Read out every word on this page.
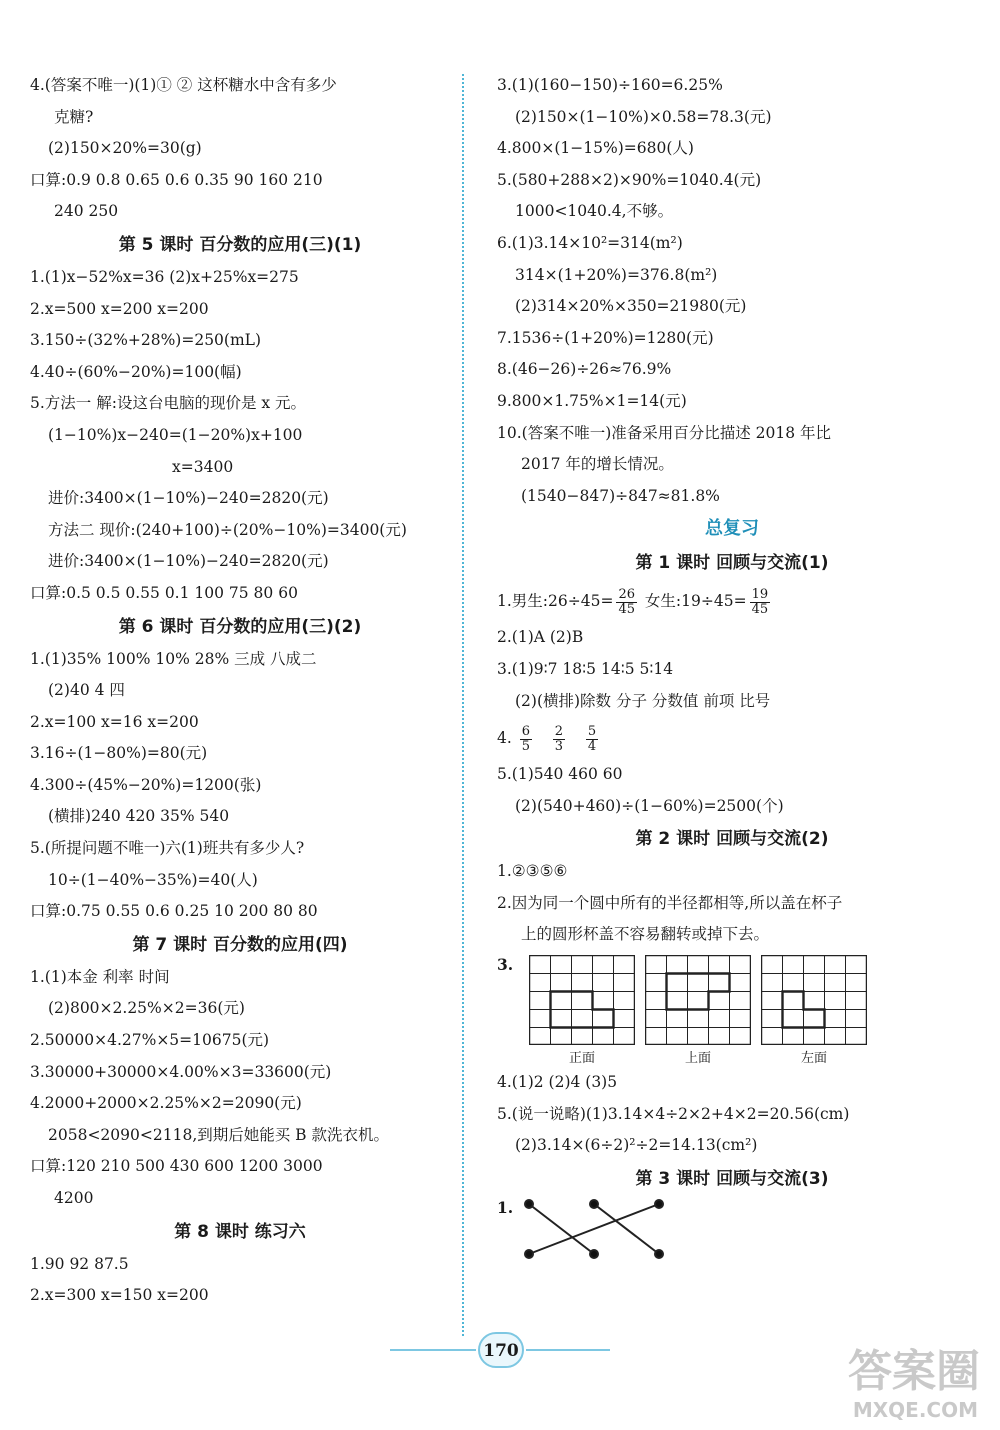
4.(答案不唯一)(1)① ② 这杯糖水中含有多少
克糖?
(2)150×20%=30(g)
口算:0.9 0.8 0.65 0.6 0.35 90 160 210
240 250
第 5 课时 百分数的应用(三)(1)
1.(1)x−52%x=36 (2)x+25%x=275
2.x=500 x=200 x=200
3.150÷(32%+28%)=250(mL)
4.40÷(60%−20%)=100(幅)
5.方法一 解:设这台电脑的现价是 x 元。
(1−10%)x−240=(1−20%)x+100
x=3400
进价:3400×(1−10%)−240=2820(元)
方法二 现价:(240+100)÷(20%−10%)=3400(元)
进价:3400×(1−10%)−240=2820(元)
口算:0.5 0.5 0.55 0.1 100 75 80 60
第 6 课时 百分数的应用(三)(2)
1.(1)35% 100% 10% 28% 三成 八成二
(2)40 4 四
2.x=100 x=16 x=200
3.16÷(1−80%)=80(元)
4.300÷(45%−20%)=1200(张)
(横排)240 420 35% 540
5.(所提问题不唯一)六(1)班共有多少人?
10÷(1−40%−35%)=40(人)
口算:0.75 0.55 0.6 0.25 10 200 80 80
第 7 课时 百分数的应用(四)
1.(1)本金 利率 时间
(2)800×2.25%×2=36(元)
2.50000×4.27%×5=10675(元)
3.30000+30000×4.00%×3=33600(元)
4.2000+2000×2.25%×2=2090(元)
2058<2090<2118,到期后她能买 B 款洗衣机。
口算:120 210 500 430 600 1200 3000
4200
第 8 课时 练习六
1.90 92 87.5
2.x=300 x=150 x=200
3.(1)(160−150)÷160=6.25%
(2)150×(1−10%)×0.58=78.3(元)
4.800×(1−15%)=680(人)
5.(580+288×2)×90%=1040.4(元)
1000<1040.4,不够。
6.(1)3.14×10²=314(m²)
314×(1+20%)=376.8(m²)
(2)314×20%×350=21980(元)
7.1536÷(1+20%)=1280(元)
8.(46−26)÷26≈76.9%
9.800×1.75%×1=14(元)
10.(答案不唯一)准备采用百分比描述 2018 年比
2017 年的增长情况。
(1540−847)÷847≈81.8%
总复习
第 1 课时 回顾与交流(1)
1.男生:26÷45= $\frac{26}{45}$ 女生:19÷45= $\frac{19}{45}$
2.(1)A (2)B
3.(1)9∶7 18∶5 14∶5 5∶14
(2)(横排)除数 分子 分数值 前项 比号
4. $\frac{6}{5}$
$\frac{2}{3}$
$\frac{5}{4}$
5.(1)540 460 60
(2)(540+460)÷(1−60%)=2500(个)
第 2 课时 回顾与交流(2)
1.②③⑤⑥
2.因为同一个圆中所有的半径都相等,所以盖在杯子
上的圆形杯盖不容易翻转或掉下去。
3.
正面	上面	左面
4.(1)2 (2)4 (3)5
5.(说一说略)(1)3.14×4÷2×2+4×2=20.56(cm)
(2)3.14×(6÷2)²÷2=14.13(cm²)
第 3 课时 回顾与交流(3)
1.
170	答案圈
MXQE.COM
